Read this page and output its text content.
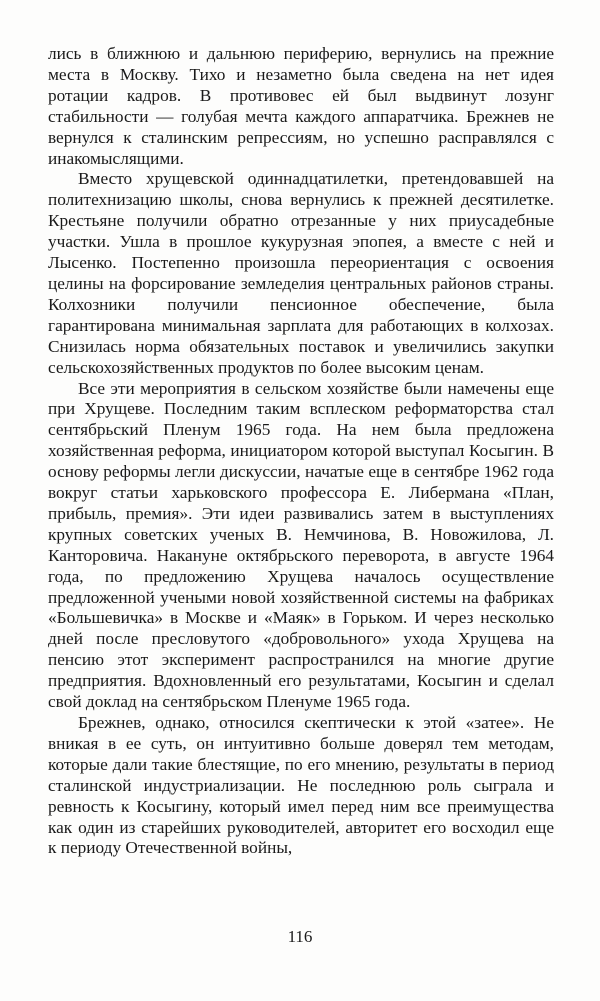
лись в ближнюю и дальнюю периферию, вернулись на прежние места в Москву. Тихо и незаметно была сведена на нет идея ротации кадров. В противовес ей был выдвинут лозунг стабильности — голубая мечта каждого аппаратчика. Брежнев не вернулся к сталинским репрессиям, но успешно расправлялся с инакомыслящими.

Вместо хрущевской одиннадцатилетки, претендовавшей на политехнизацию школы, снова вернулись к прежней десятилетке. Крестьяне получили обратно отрезанные у них приусадебные участки. Ушла в прошлое кукурузная эпопея, а вместе с ней и Лысенко. Постепенно произошла переориентация с освоения целины на форсирование земледелия центральных районов страны. Колхозники получили пенсионное обеспечение, была гарантирована минимальная зарплата для работающих в колхозах. Снизилась норма обязательных поставок и увеличились закупки сельскохозяйственных продуктов по более высоким ценам.

Все эти мероприятия в сельском хозяйстве были намечены еще при Хрущеве. Последним таким всплеском реформаторства стал сентябрьский Пленум 1965 года. На нем была предложена хозяйственная реформа, инициатором которой выступал Косыгин. В основу реформы легли дискуссии, начатые еще в сентябре 1962 года вокруг статьи харьковского профессора Е. Либермана «План, прибыль, премия». Эти идеи развивались затем в выступлениях крупных советских ученых В. Немчинова, В. Новожилова, Л. Канторовича. Накануне октябрьского переворота, в августе 1964 года, по предложению Хрущева началось осуществление предложенной учеными новой хозяйственной системы на фабриках «Большевичка» в Москве и «Маяк» в Горьком. И через несколько дней после пресловутого «добровольного» ухода Хрущева на пенсию этот эксперимент распространился на многие другие предприятия. Вдохновленный его результатами, Косыгин и сделал свой доклад на сентябрьском Пленуме 1965 года.

Брежнев, однако, относился скептически к этой «затее». Не вникая в ее суть, он интуитивно больше доверял тем методам, которые дали такие блестящие, по его мнению, результаты в период сталинской индустриализации. Не последнюю роль сыграла и ревность к Косыгину, который имел перед ним все преимущества как один из старейших руководителей, авторитет его восходил еще к периоду Отечественной войны,

116
